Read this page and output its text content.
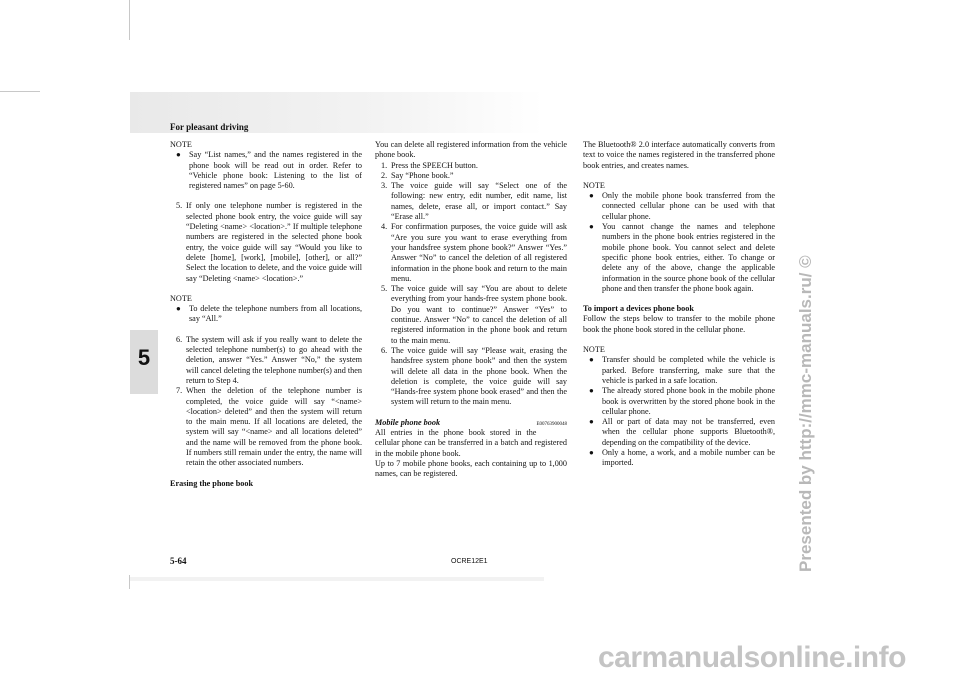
For pleasant driving
5

NOTE

● Say “List names,” and the names registered in the phone book will be read out in order. Refer to “Vehicle phone book: Listening to the list of registered names” on page 5-60.
5. If only one telephone number is registered in the selected phone book entry, the voice guide will say “Deleting <name> <location>.” If multiple telephone numbers are registered in the selected phone book entry, the voice guide will say “Would you like to delete [home], [work], [mobile], [other], or all?” Select the location to delete, and the voice guide will say “Deleting <name> <location>.”

NOTE

● To delete the telephone numbers from all locations, say “All.”
6. The system will ask if you really want to delete the selected telephone number(s) to go ahead with the deletion, answer “Yes.” Answer “No,” the system will cancel deleting the telephone number(s) and then return to Step 4.
7. When the deletion of the telephone number is completed, the voice guide will say “<name> <location> deleted” and then the system will return to the main menu. If all locations are deleted, the system will say “<name> and all locations deleted” and the name will be removed from the phone book. If numbers still remain under the entry, the name will retain the other associated numbers.

Erasing the phone book

You can delete all registered information from the vehicle phone book.

1. Press the SPEECH button.
2. Say “Phone book.”
3. The voice guide will say “Select one of the following: new entry, edit number, edit name, list names, delete, erase all, or import contact.” Say “Erase all.”
4. For confirmation purposes, the voice guide will ask “Are you sure you want to erase everything from your handsfree system phone book?” Answer “Yes.” Answer “No” to cancel the deletion of all registered information in the phone book and return to the main menu.
5. The voice guide will say “You are about to delete everything from your hands-free system phone book. Do you want to continue?” Answer “Yes” to continue. Answer “No” to cancel the deletion of all registered information in the phone book and return to the main menu.
6. The voice guide will say “Please wait, erasing the handsfree system phone book” and then the system will delete all data in the phone book. When the deletion is complete, the voice guide will say “Hands-free system phone book erased” and then the system will return to the main menu.

Mobile phone book	E00763900048

All entries in the phone book stored in the cellular phone can be transferred in a batch and registered in the mobile phone book.

Up to 7 mobile phone books, each containing up to 1,000 names, can be registered.

The Bluetooth® 2.0 interface automatically converts from text to voice the names registered in the transferred phone book entries, and creates names.

NOTE

● Only the mobile phone book transferred from the connected cellular phone can be used with that cellular phone.
● You cannot change the names and telephone numbers in the phone book entries registered in the mobile phone book. You cannot select and delete specific phone book entries, either. To change or delete any of the above, change the applicable information in the source phone book of the cellular phone and then transfer the phone book again.

To import a devices phone book

Follow the steps below to transfer to the mobile phone book the phone book stored in the cellular phone.

NOTE

● Transfer should be completed while the vehicle is parked. Before transferring, make sure that the vehicle is parked in a safe location.
● The already stored phone book in the mobile phone book is overwritten by the stored phone book in the cellular phone.
● All or part of data may not be transferred, even when the cellular phone supports Bluetooth®, depending on the compatibility of the device.
● Only a home, a work, and a mobile number can be imported.
5-64	OCRE12E1	Presented by http://mmc-manuals.ru/ ©
carmanualsonline.info
